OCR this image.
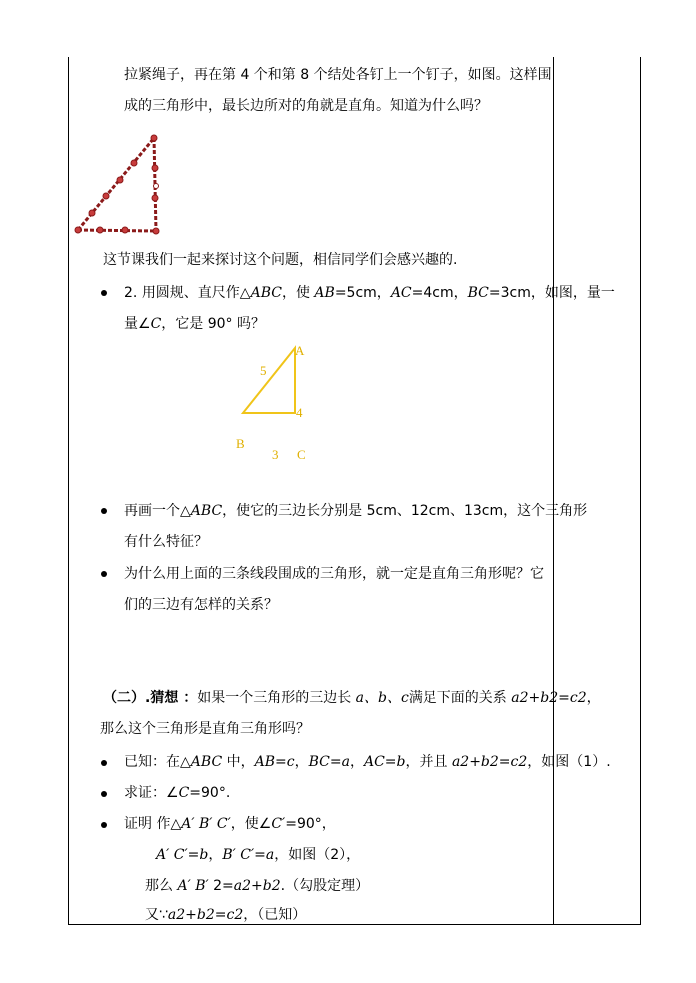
拉紧绳子，再在第 4 个和第 8 个结处各钉上一个钉子，如图。这样围
成的三角形中，最长边所对的角就是直角。知道为什么吗？
这节课我们一起来探讨这个问题，相信同学们会感兴趣的.
2. 用圆规、直尺作△ABC，使 AB=5cm，AC=4cm，BC=3cm，如图，量一
量∠C，它是 90° 吗？
A
5
4
B
3 C
再画一个△ABC，使它的三边长分别是 5cm、12cm、13cm，这个三角形
有什么特征？
为什么用上面的三条线段围成的三角形，就一定是直角三角形呢？它
们的三边有怎样的关系？
（二）.猜想 ：如果一个三角形的三边长 a、b、c满足下面的关系 a2+b2=c2，
那么这个三角形是直角三角形吗？
已知：在△ABC 中，AB=c，BC=a，AC=b，并且 a2+b2=c2，如图（1）.
求证：∠C=90°.
证明 作△A′ B′ C′，使∠C′=90°，
A′ C′=b，B′ C′=a，如图（2），
那么 A′ B′ 2=a2+b2.（勾股定理）
又∵a2+b2=c2，（已知）
